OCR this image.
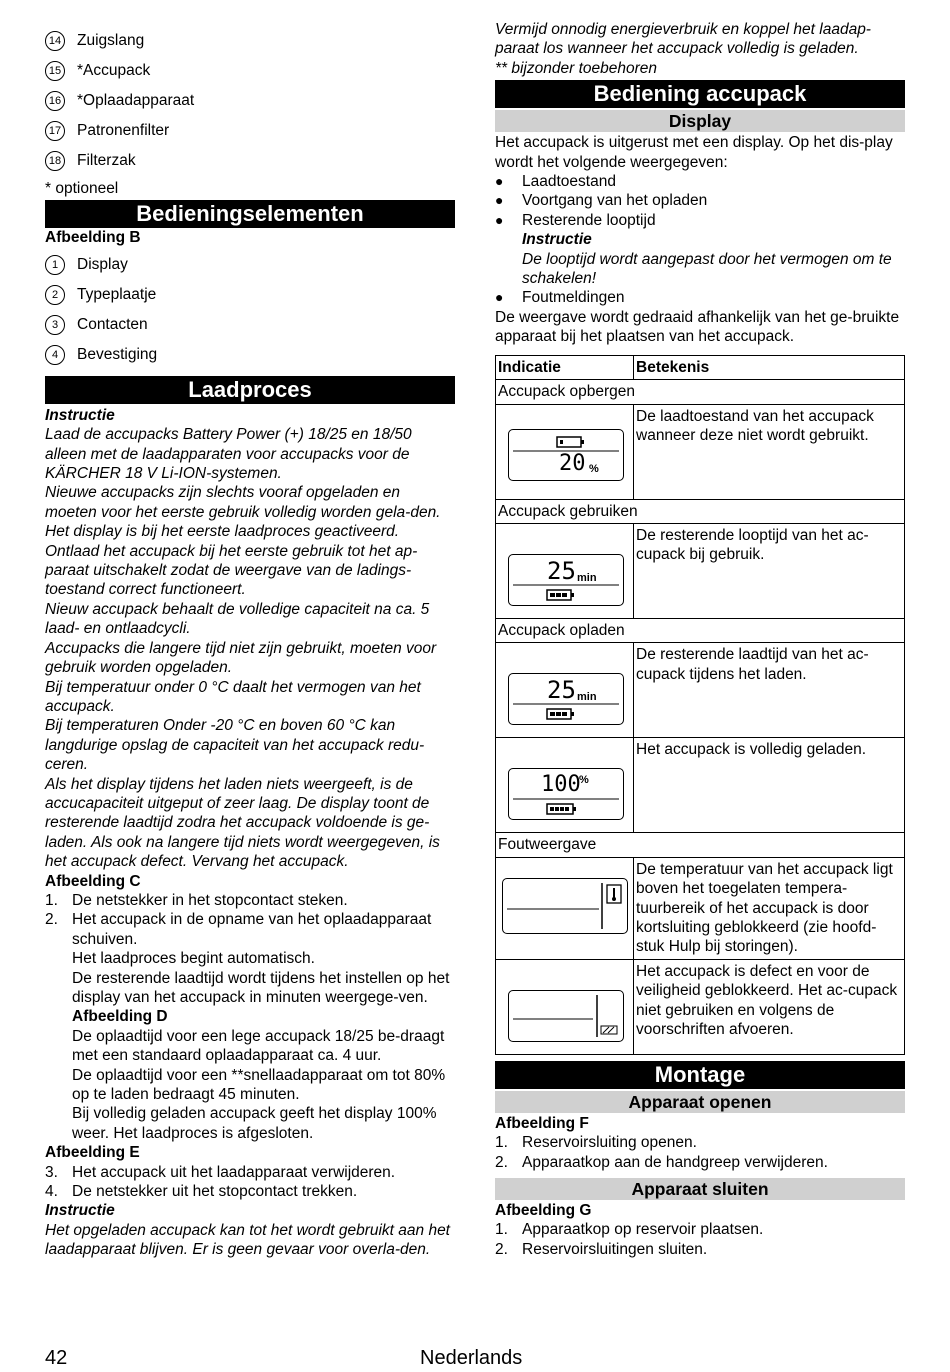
14 Zuigslang
15 *Accupack
16 *Oplaadapparaat
17 Patronenfilter
18 Filterzak

* optioneel

Bedieningselementen

Afbeelding B

1	Display
2	Typeplaatje
3	Contacten
4	Bevestiging
Laadproces

Instructie

Laad de accupacks Battery Power (+) 18/25 en 18/50 alleen met de laadapparaten voor accupacks voor de KÄRCHER 18 V Li-ION-systemen.

Nieuwe accupacks zijn slechts vooraf opgeladen en moeten voor het eerste gebruik volledig worden gela-den.

Het display is bij het eerste laadproces geactiveerd. Ontlaad het accupack bij het eerste gebruik tot het ap-paraat uitschakelt zodat de weergave van de ladings-toestand correct functioneert.

Nieuw accupack behaalt de volledige capaciteit na ca. 5 laad- en ontlaadcycli.

Accupacks die langere tijd niet zijn gebruikt, moeten voor gebruik worden opgeladen.

Bij temperatuur onder 0 °C daalt het vermogen van het accupack.

Bij temperaturen Onder -20 °C en boven 60 °C kan langdurige opslag de capaciteit van het accupack redu-ceren.

Als het display tijdens het laden niets weergeeft, is de accucapaciteit uitgeput of zeer laag. De display toont de resterende laadtijd zodra het accupack voldoende is ge-laden. Als ook na langere tijd niets wordt weergegeven, is het accupack defect. Vervang het accupack.

Afbeelding C

1. De netstekker in het stopcontact steken.
2. Het accupack in de opname van het oplaadapparaat schuiven.

Het laadproces begint automatisch.

De resterende laadtijd wordt tijdens het instellen op het display van het accupack in minuten weergege-ven.

Afbeelding D

De oplaadtijd voor een lege accupack 18/25 be-draagt met een standaard oplaadapparaat ca. 4 uur.

De oplaadtijd voor een **snellaadapparaat om tot 80% op te laden bedraagt 45 minuten.

Bij volledig geladen accupack geeft het display 100% weer. Het laadproces is afgesloten.

Afbeelding E

3. Het accupack uit het laadapparaat verwijderen.
4. De netstekker uit het stopcontact trekken.

Instructie

Het opgeladen accupack kan tot het wordt gebruikt aan het laadapparaat blijven. Er is geen gevaar voor overla-den.

Vermijd onnodig energieverbruik en koppel het laadap-paraat los wanneer het accupack volledig is geladen.

** bijzonder toebehoren

Bediening accupack
Display

Het accupack is uitgerust met een display. Op het dis-play wordt het volgende weergegeven:

●	Laadtoestand
●	Voortgang van het opladen
●	Resterende looptijd

Instructie

De looptijd wordt aangepast door het vermogen om te schakelen!

●	Foutmeldingen

De weergave wordt gedraaid afhankelijk van het ge-bruikte apparaat bij het plaatsen van het accupack.

Indicatie	Betekenis
Accupack opbergen	

20 %	De laadtoestand van het accupack wanneer deze niet wordt gebruikt.
Accupack gebruiken	

25 min	De resterende looptijd van het ac-cupack bij gebruik.
Accupack opladen	

25 min	De resterende laadtijd van het ac-cupack tijdens het laden.

100
%	Het accupack is volledig geladen.
Foutweergave	

	De temperatuur van het accupack ligt boven het toegelaten tempera-tuurbereik of het accupack is door kortsluiting geblokkeerd (zie hoofd-stuk Hulp bij storingen).

	Het accupack is defect en voor de veiligheid geblokkeerd. Het ac-cupack niet gebruiken en volgens de voorschriften afvoeren.
Montage
Apparaat openen

Afbeelding F

1. Reservoirsluiting openen.
2. Apparaatkop aan de handgreep verwijderen.
Apparaat sluiten

Afbeelding G

1. Apparaatkop op reservoir plaatsen.
2. Reservoirsluitingen sluiten.
42	Nederlands
